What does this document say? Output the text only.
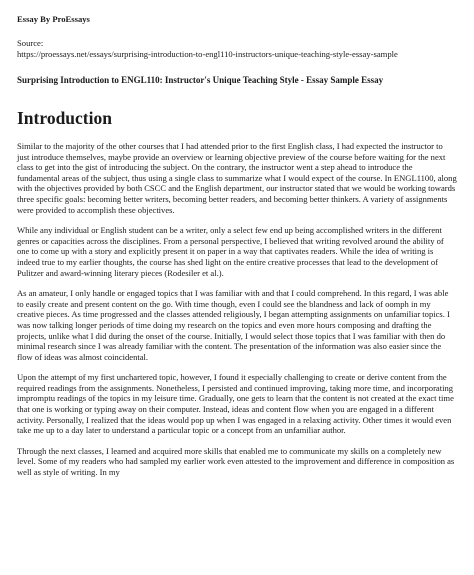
Essay By ProEssays
Source:
https://proessays.net/essays/surprising-introduction-to-engl110-instructors-unique-teaching-style-essay-sample
Surprising Introduction to ENGL110: Instructor's Unique Teaching Style - Essay Sample Essay
Introduction

Similar to the majority of the other courses that I had attended prior to the first English class, I had expected the instructor to just introduce themselves, maybe provide an overview or learning objective preview of the course before waiting for the next class to get into the gist of introducing the subject. On the contrary, the instructor went a step ahead to introduce the fundamental areas of the subject, thus using a single class to summarize what I would expect of the course. In ENGL1100, along with the objectives provided by both CSCC and the English department, our instructor stated that we would be working towards three specific goals: becoming better writers, becoming better readers, and becoming better thinkers. A variety of assignments were provided to accomplish these objectives.

While any individual or English student can be a writer, only a select few end up being accomplished writers in the different genres or capacities across the disciplines. From a personal perspective, I believed that writing revolved around the ability of one to come up with a story and explicitly present it on paper in a way that captivates readers. While the idea of writing is indeed true to my earlier thoughts, the course has shed light on the entire creative processes that lead to the development of Pulitzer and award-winning literary pieces (Rodesiler et al.).

As an amateur, I only handle or engaged topics that I was familiar with and that I could comprehend. In this regard, I was able to easily create and present content on the go. With time though, even I could see the blandness and lack of oomph in my creative pieces. As time progressed and the classes attended religiously, I began attempting assignments on unfamiliar topics. I was now talking longer periods of time doing my research on the topics and even more hours composing and drafting the projects, unlike what I did during the onset of the course. Initially, I would select those topics that I was familiar with then do minimal research since I was already familiar with the content. The presentation of the information was also easier since the flow of ideas was almost coincidental.

Upon the attempt of my first unchartered topic, however, I found it especially challenging to create or derive content from the required readings from the assignments. Nonetheless, I persisted and continued improving, taking more time, and incorporating impromptu readings of the topics in my leisure time. Gradually, one gets to learn that the content is not created at the exact time that one is working or typing away on their computer. Instead, ideas and content flow when you are engaged in a different activity. Personally, I realized that the ideas would pop up when I was engaged in a relaxing activity. Other times it would even take me up to a day later to understand a particular topic or a concept from an unfamiliar author.

Through the next classes, I learned and acquired more skills that enabled me to communicate my skills on a completely new level. Some of my readers who had sampled my earlier work even attested to the improvement and difference in composition as well as style of writing. In my
